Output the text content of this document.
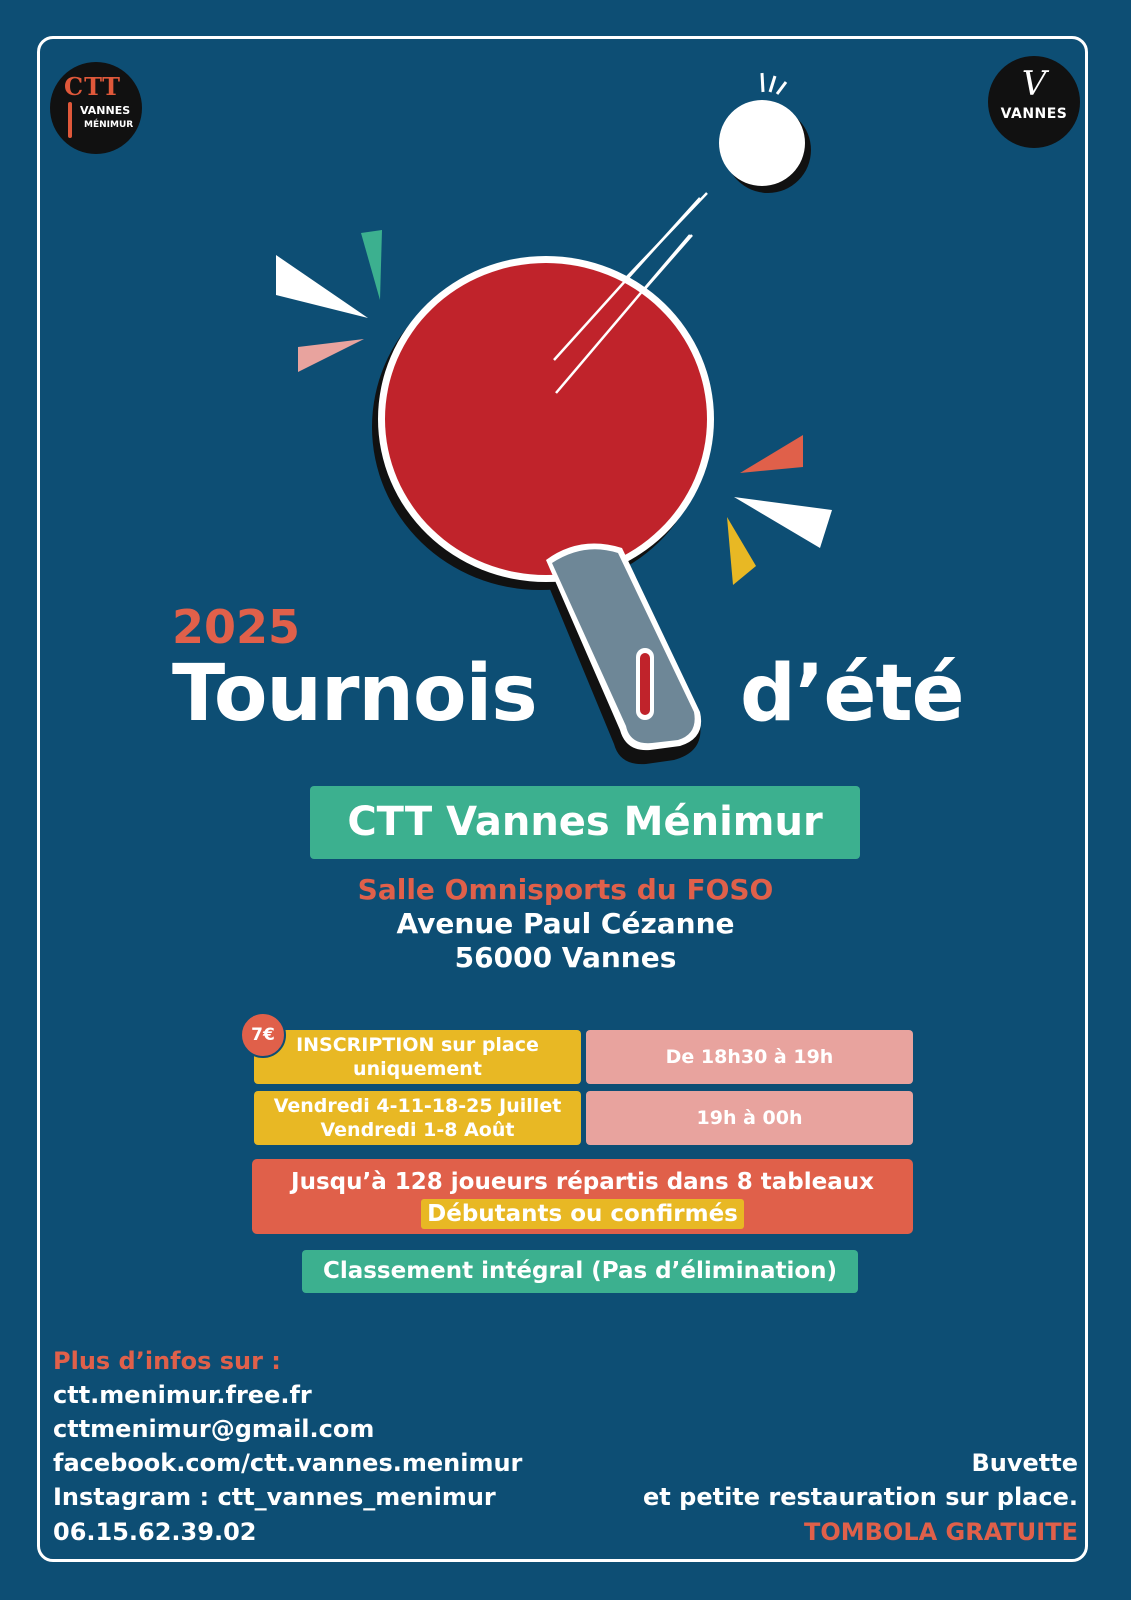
CTT
VANNES
MÉNIMUR
V
VANNES
2025
Tournois	d’été
CTT Vannes Ménimur
Salle Omnisports du FOSO
Avenue Paul Cézanne
56000 Vannes
INSCRIPTION sur place
uniquement
De 18h30 à 19h
Vendredi 4-11-18-25 Juillet
Vendredi 1-8 Août
19h à 00h
7€
Jusqu’à 128 joueurs répartis dans 8 tableaux
Débutants ou confirmés
Classement intégral (Pas d’élimination)
Plus d’infos sur :
ctt.menimur.free.fr
cttmenimur@gmail.com
facebook.com/ctt.vannes.menimur
Instagram : ctt_vannes_menimur
06.15.62.39.02
Buvette
et petite restauration sur place.
TOMBOLA GRATUITE
